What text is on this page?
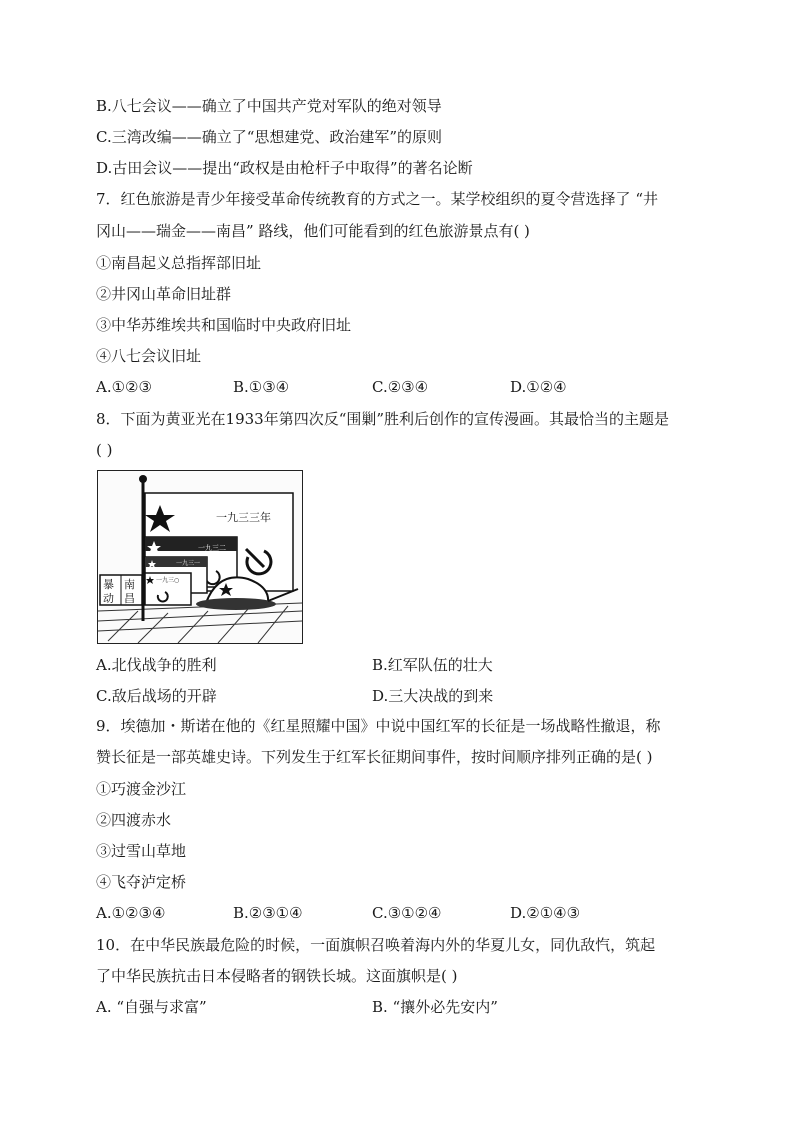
B.八七会议——确立了中国共产党对军队的绝对领导
C.三湾改编——确立了“思想建党、政治建军”的原则
D.古田会议——提出“政权是由枪杆子中取得”的著名论断
7．红色旅游是青少年接受革命传统教育的方式之一。某学校组织的夏令营选择了 “井
冈山——瑞金——南昌” 路线，他们可能看到的红色旅游景点有( )
①南昌起义总指挥部旧址
②井冈山革命旧址群
③中华苏维埃共和国临时中央政府旧址
④八七会议旧址
A.①②③	B.①③④	C.②③④	D.①②④
8．下面为黄亚光在1933年第四次反“围剿”胜利后创作的宣传漫画。其最恰当的主题是
( )
一九三三年
一九三二
一九三一
一九三○
暴
动
南
昌
A.北伐战争的胜利	B.红军队伍的壮大
C.敌后战场的开辟	D.三大决战的到来
9．埃德加・斯诺在他的《红星照耀中国》中说中国红军的长征是一场战略性撤退，称
赞长征是一部英雄史诗。下列发生于红军长征期间事件，按时间顺序排列正确的是( )
①巧渡金沙江
②四渡赤水
③过雪山草地
④飞夺泸定桥
A.①②③④	B.②③①④	C.③①②④	D.②①④③
10．在中华民族最危险的时候，一面旗帜召唤着海内外的华夏儿女，同仇敌忾，筑起
了中华民族抗击日本侵略者的钢铁长城。这面旗帜是( )
A. “自强与求富”	B. “攘外必先安内”
